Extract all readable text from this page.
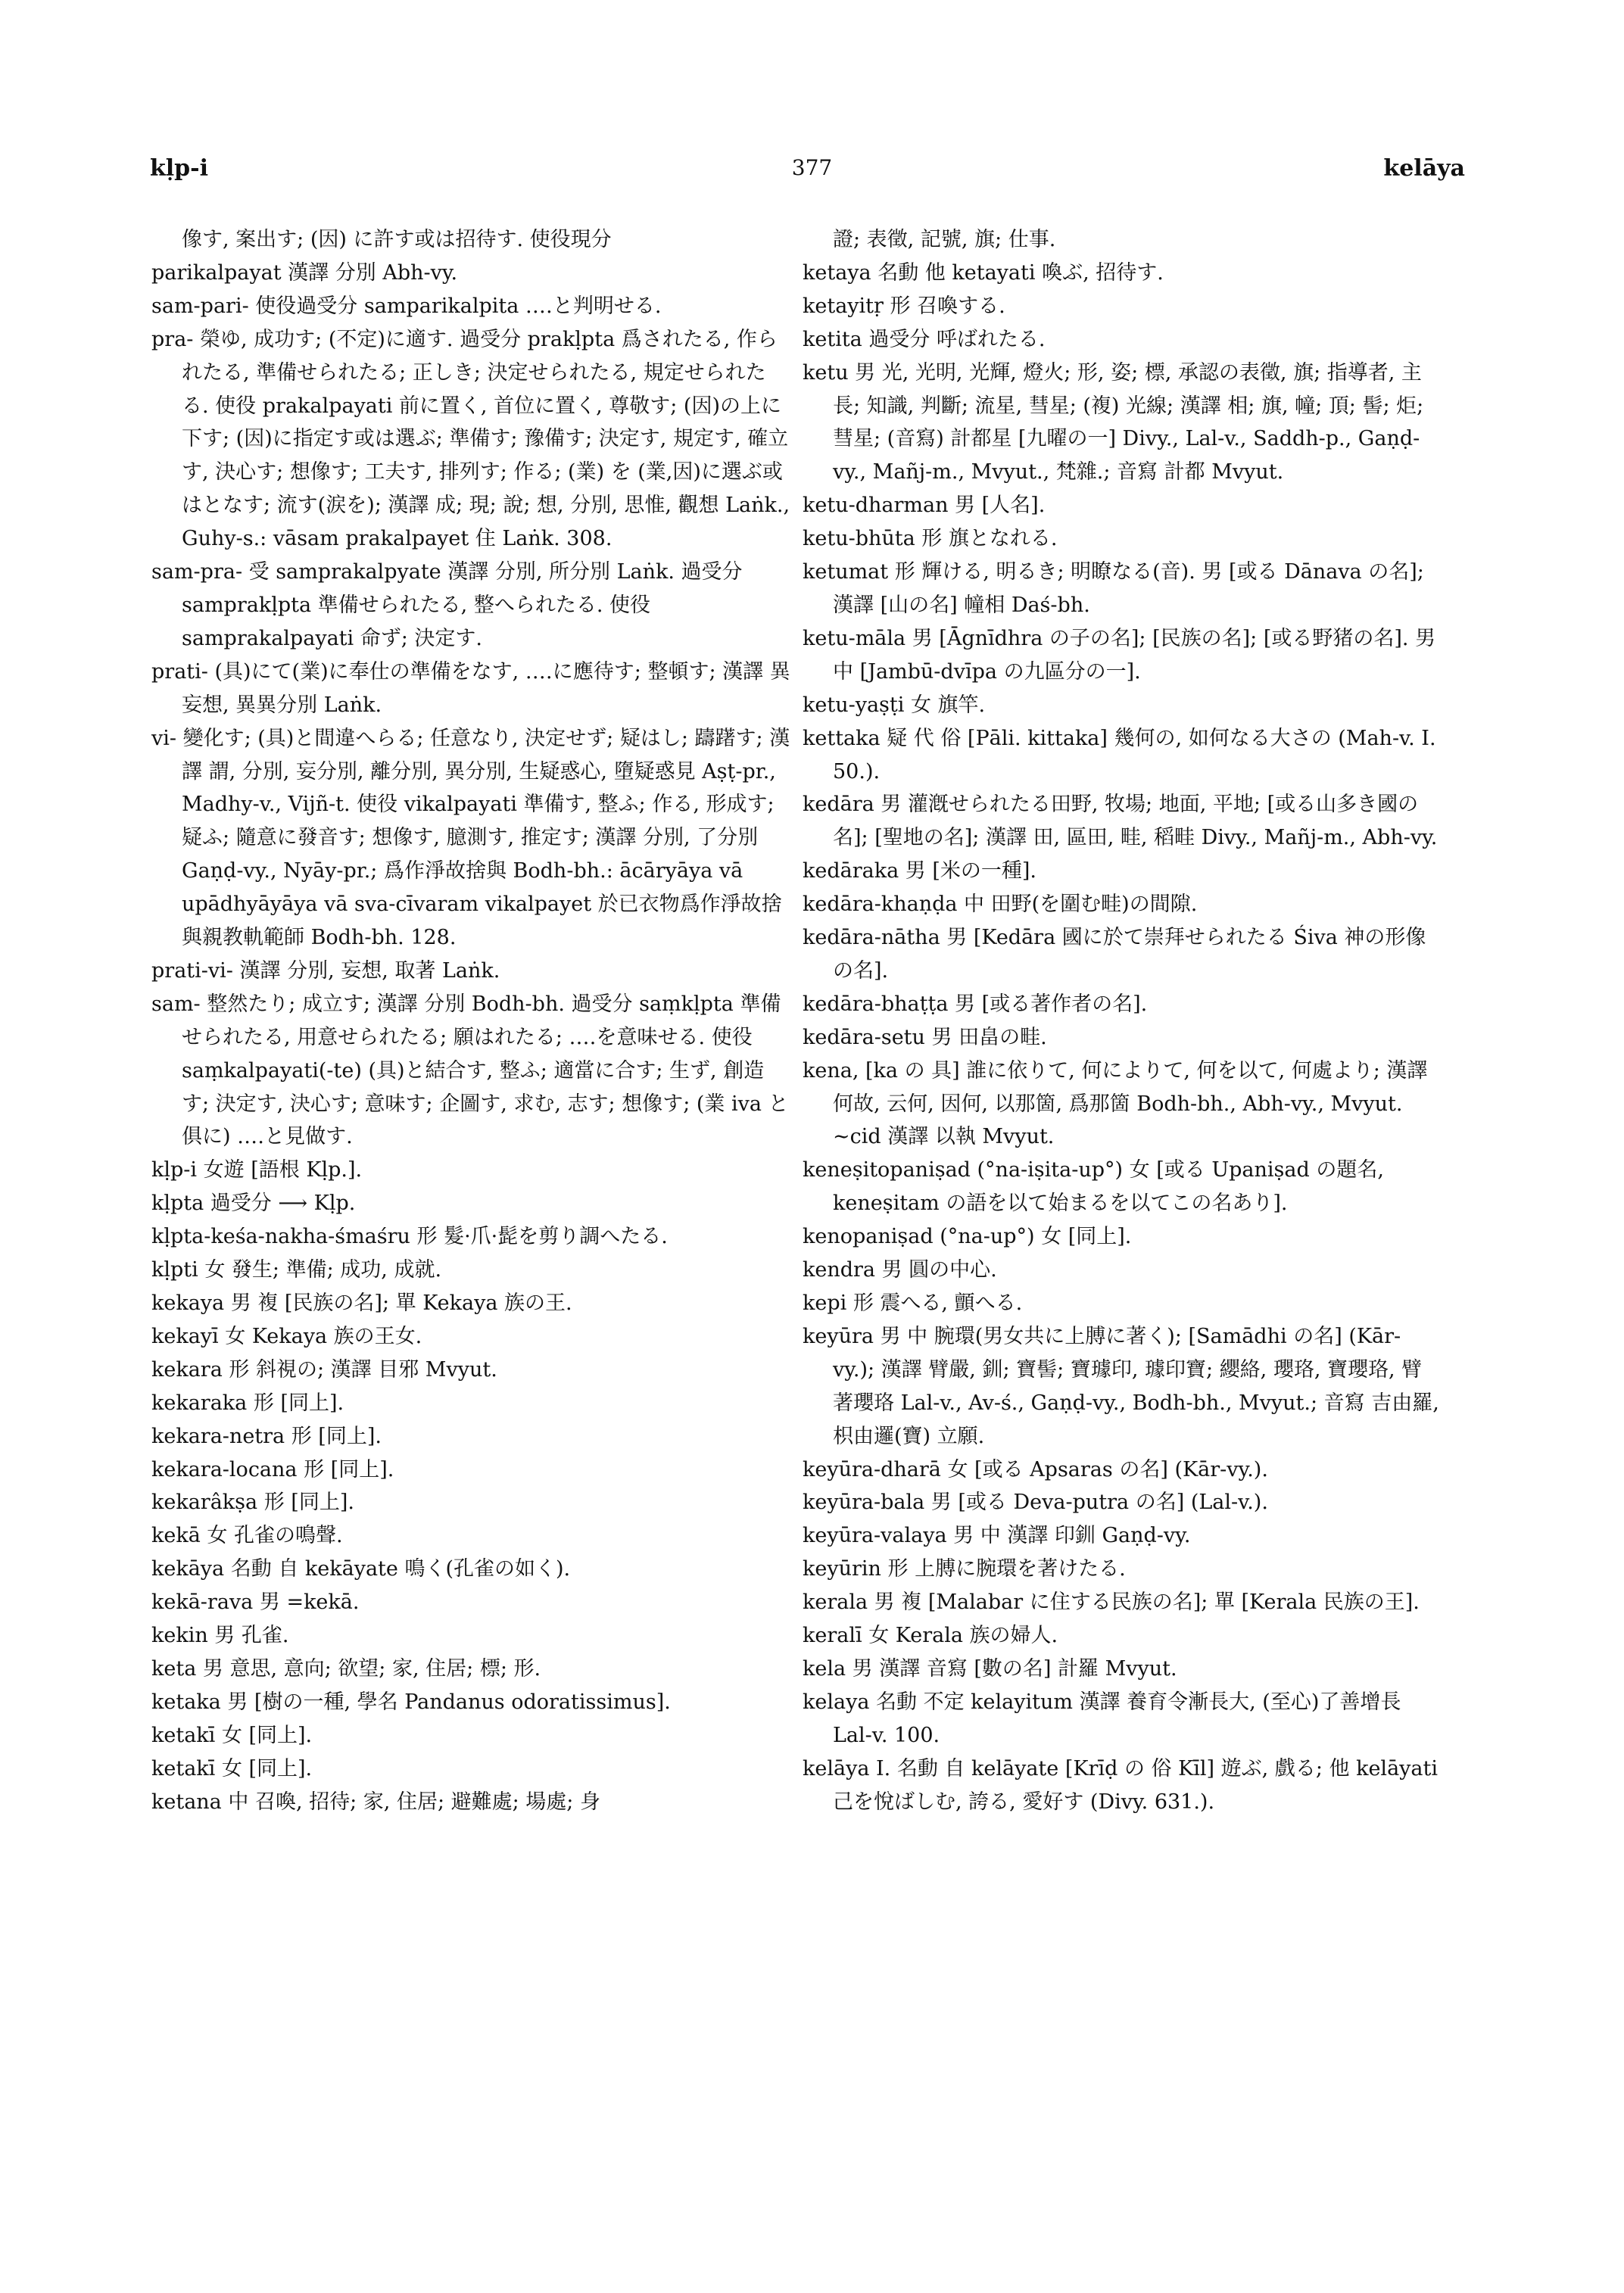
kḷp-i	377	kelāya

像す, 案出す; (因) に許す或は招待す. 使役現分

parikalpayat 漢譯 分別 Abh-vy.

sam-pari- 使役過受分 samparikalpita ‥‥と判明せる.

pra- 榮ゆ, 成功す; (不定)に適す. 過受分 prakḷpta 爲されたる, 作られたる, 準備せられたる; 正しき; 決定せられたる, 規定せられたる. 使役 prakalpayati 前に置く, 首位に置く, 尊敬す; (因)の上に下す; (因)に指定す或は選ぶ; 準備す; 豫備す; 決定す, 規定す, 確立す, 決心す; 想像す; 工夫す, 排列す; 作る; (業) を (業,因)に選ぶ或はとなす; 流す(涙を); 漢譯 成; 現; 說; 想, 分別, 思惟, 觀想 Laṅk., Guhy-s.: vāsam prakalpayet 住 Laṅk. 308.

sam-pra- 受 samprakalpyate 漢譯 分別, 所分別 Laṅk. 過受分 samprakḷpta 準備せられたる, 整へられたる. 使役 samprakalpayati 命ず; 決定す.

prati- (具)にて(業)に奉仕の準備をなす, ‥‥に應待す; 整頓す; 漢譯 異妄想, 異異分別 Laṅk.

vi- 變化す; (具)と間違へらる; 任意なり, 決定せず; 疑はし; 躊躇す; 漢譯 謂, 分別, 妄分別, 離分別, 異分別, 生疑惑心, 墮疑惑見 Aṣṭ-pr., Madhy-v., Vijñ-t. 使役 vikalpayati 準備す, 整ふ; 作る, 形成す; 疑ふ; 隨意に發音す; 想像す, 臆測す, 推定す; 漢譯 分別, 了分別 Gaṇḍ-vy., Nyāy-pr.; 爲作淨故捨與 Bodh-bh.: ācāryāya vā upādhyāyāya vā sva-cīvaram vikalpayet 於已衣物爲作淨故捨與親教軌範師 Bodh-bh. 128.

prati-vi- 漢譯 分別, 妄想, 取著 Laṅk.

sam- 整然たり; 成立す; 漢譯 分別 Bodh-bh. 過受分 saṃkḷpta 準備せられたる, 用意せられたる; 願はれたる; ‥‥を意味せる. 使役 saṃkalpayati(-te) (具)と結合す, 整ふ; 適當に合す; 生ず, 創造す; 決定す, 決心す; 意味す; 企圖す, 求む, 志す; 想像す; (業 iva と俱に) ‥‥と見做す.

kḷp-i 女遊 [語根 Kḷp.].

kḷpta 過受分 ⟶ Kḷp.

kḷpta-keśa-nakha-śmaśru 形 髮·爪·髭を剪り調へたる.

kḷpti 女 發生; 準備; 成功, 成就.

kekaya 男 複 [民族の名]; 單 Kekaya 族の王.

kekayī 女 Kekaya 族の王女.

kekara 形 斜視の; 漢譯 目邪 Mvyut.

kekaraka 形 [同上].

kekara-netra 形 [同上].

kekara-locana 形 [同上].

kekarâkṣa 形 [同上].

kekā 女 孔雀の鳴聲.

kekāya 名動 自 kekāyate 鳴く(孔雀の如く).

kekā-rava 男 =kekā.

kekin 男 孔雀.

keta 男 意思, 意向; 欲望; 家, 住居; 標; 形.

ketaka 男 [樹の一種, 學名 Pandanus odoratissimus].

ketakī 女 [同上].

ketakī 女 [同上].

ketana 中 召喚, 招待; 家, 住居; 避難處; 場處; 身

證; 表徵, 記號, 旗; 仕事.

ketaya 名動 他 ketayati 喚ぶ, 招待す.

ketayitṛ 形 召喚する.

ketita 過受分 呼ばれたる.

ketu 男 光, 光明, 光輝, 燈火; 形, 姿; 標, 承認の表徵, 旗; 指導者, 主長; 知識, 判斷; 流星, 彗星; (複) 光線; 漢譯 相; 旗, 幢; 頂; 髻; 炬; 彗星; (音寫) 計都星 [九曜の一] Divy., Lal-v., Saddh-p., Gaṇḍ-vy., Mañj-m., Mvyut., 梵雜.; 音寫 計都 Mvyut.

ketu-dharman 男 [人名].

ketu-bhūta 形 旗となれる.

ketumat 形 輝ける, 明るき; 明瞭なる(音). 男 [或る Dānava の名]; 漢譯 [山の名] 幢相 Daś-bh.

ketu-māla 男 [Āgnīdhra の子の名]; [民族の名]; [或る野猪の名]. 男 中 [Jambū-dvīpa の九區分の一].

ketu-yaṣṭi 女 旗竿.

kettaka 疑 代 俗 [Pāli. kittaka] 幾何の, 如何なる大さの (Mah-v. I. 50.).

kedāra 男 灌漑せられたる田野, 牧場; 地面, 平地; [或る山多き國の名]; [聖地の名]; 漢譯 田, 區田, 畦, 稻畦 Divy., Mañj-m., Abh-vy.

kedāraka 男 [米の一種].

kedāra-khaṇḍa 中 田野(を圍む畦)の間隙.

kedāra-nātha 男 [Kedāra 國に於て崇拜せられたる Śiva 神の形像の名].

kedāra-bhaṭṭa 男 [或る著作者の名].

kedāra-setu 男 田畠の畦.

kena, [ka の 具] 誰に依りて, 何によりて, 何を以て, 何處より; 漢譯 何故, 云何, 因何, 以那箇, 爲那箇 Bodh-bh., Abh-vy., Mvyut. ∼cid 漢譯 以執 Mvyut.

keneṣitopaniṣad (°na-iṣita-up°) 女 [或る Upaniṣad の題名, keneṣitam の語を以て始まるを以てこの名あり].

kenopaniṣad (°na-up°) 女 [同上].

kendra 男 圓の中心.

kepi 形 震へる, 顫へる.

keyūra 男 中 腕環(男女共に上膊に著く); [Samādhi の名] (Kār-vy.); 漢譯 臂嚴, 釧; 寶髻; 寶璩印, 璩印寶; 纓絡, 瓔珞, 寶瓔珞, 臂著瓔珞 Lal-v., Av-ś., Gaṇḍ-vy., Bodh-bh., Mvyut.; 音寫 吉由羅, 枳由邏(寶) 立願.

keyūra-dharā 女 [或る Apsaras の名] (Kār-vy.).

keyūra-bala 男 [或る Deva-putra の名] (Lal-v.).

keyūra-valaya 男 中 漢譯 印釧 Gaṇḍ-vy.

keyūrin 形 上膊に腕環を著けたる.

kerala 男 複 [Malabar に住する民族の名]; 單 [Kerala 民族の王].

keralī 女 Kerala 族の婦人.

kela 男 漢譯 音寫 [數の名] 計羅 Mvyut.

kelaya 名動 不定 kelayitum 漢譯 養育令漸長大, (至心)了善增長 Lal-v. 100.

kelāya I. 名動 自 kelāyate [Krīḍ の 俗 Kīl] 遊ぶ, 戲る; 他 kelāyati 己を悅ばしむ, 誇る, 愛好す (Divy. 631.).
